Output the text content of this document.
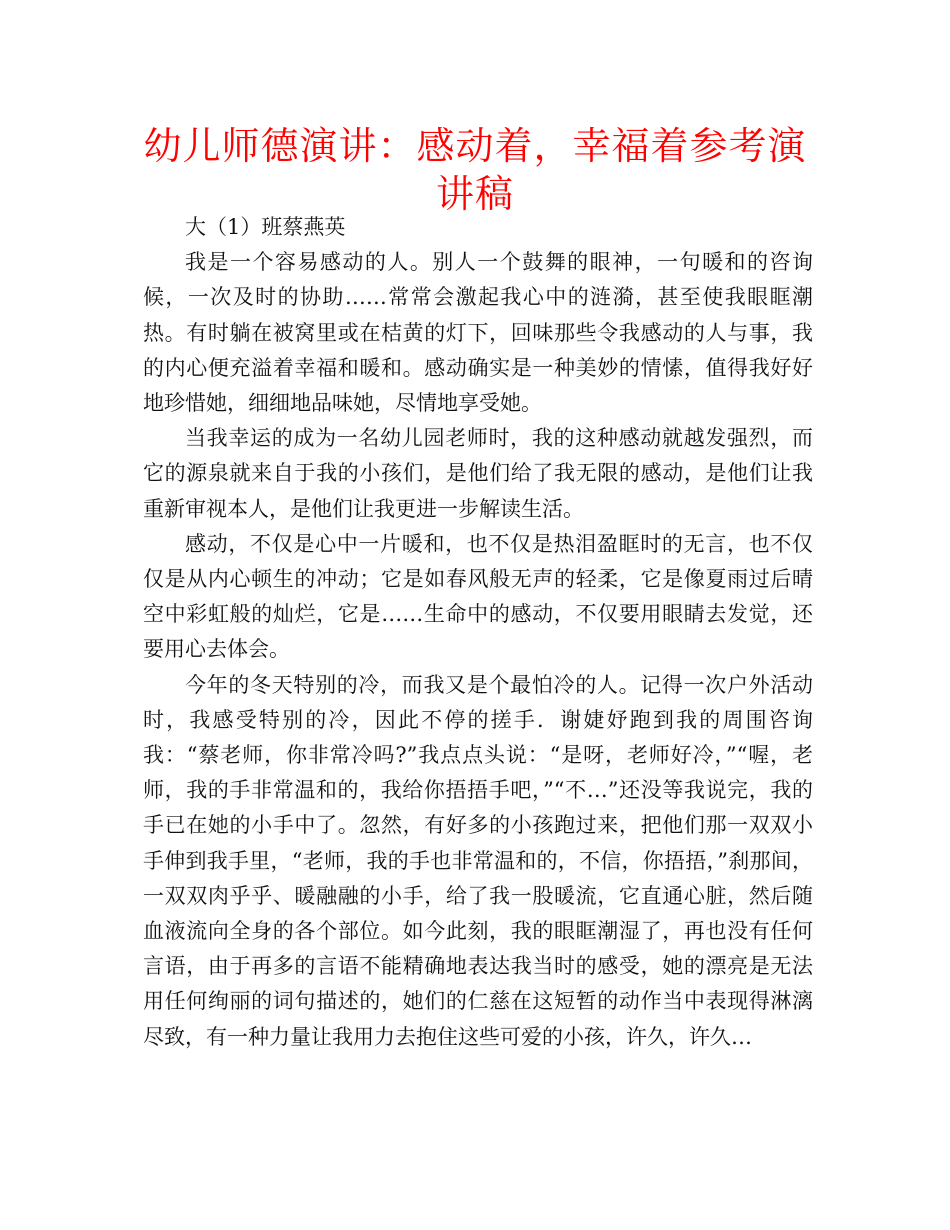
幼儿师德演讲：感动着，幸福着参考演讲稿

大（1）班蔡燕英

我是一个容易感动的人。别人一个鼓舞的眼神，一句暖和的咨询候，一次及时的协助……常常会激起我心中的涟漪，甚至使我眼眶潮热。有时躺在被窝里或在桔黄的灯下，回味那些令我感动的人与事，我的内心便充溢着幸福和暖和。感动确实是一种美妙的情愫，值得我好好地珍惜她，细细地品味她，尽情地享受她。

当我幸运的成为一名幼儿园老师时，我的这种感动就越发强烈，而它的源泉就来自于我的小孩们，是他们给了我无限的感动，是他们让我重新审视本人，是他们让我更进一步解读生活。

感动，不仅是心中一片暖和，也不仅是热泪盈眶时的无言，也不仅仅是从内心顿生的冲动；它是如春风般无声的轻柔，它是像夏雨过后晴空中彩虹般的灿烂，它是……生命中的感动，不仅要用眼睛去发觉，还要用心去体会。

今年的冬天特别的冷，而我又是个最怕冷的人。记得一次户外活动时，我感受特别的冷，因此不停的搓手．谢婕妤跑到我的周围咨询我：“蔡老师，你非常冷吗?”我点点头说：“是呀，老师好冷，”“喔，老师，我的手非常温和的，我给你捂捂手吧，”“不…”还没等我说完，我的手已在她的小手中了。忽然，有好多的小孩跑过来，把他们那一双双小手伸到我手里，“老师，我的手也非常温和的，不信，你捂捂，”刹那间，一双双肉乎乎、暖融融的小手，给了我一股暖流，它直通心脏，然后随血液流向全身的各个部位。如今此刻，我的眼眶潮湿了，再也没有任何言语，由于再多的言语不能精确地表达我当时的感受，她的漂亮是无法用任何绚丽的词句描述的，她们的仁慈在这短暂的动作当中表现得淋漓尽致，有一种力量让我用力去抱住这些可爱的小孩，许久，许久…
